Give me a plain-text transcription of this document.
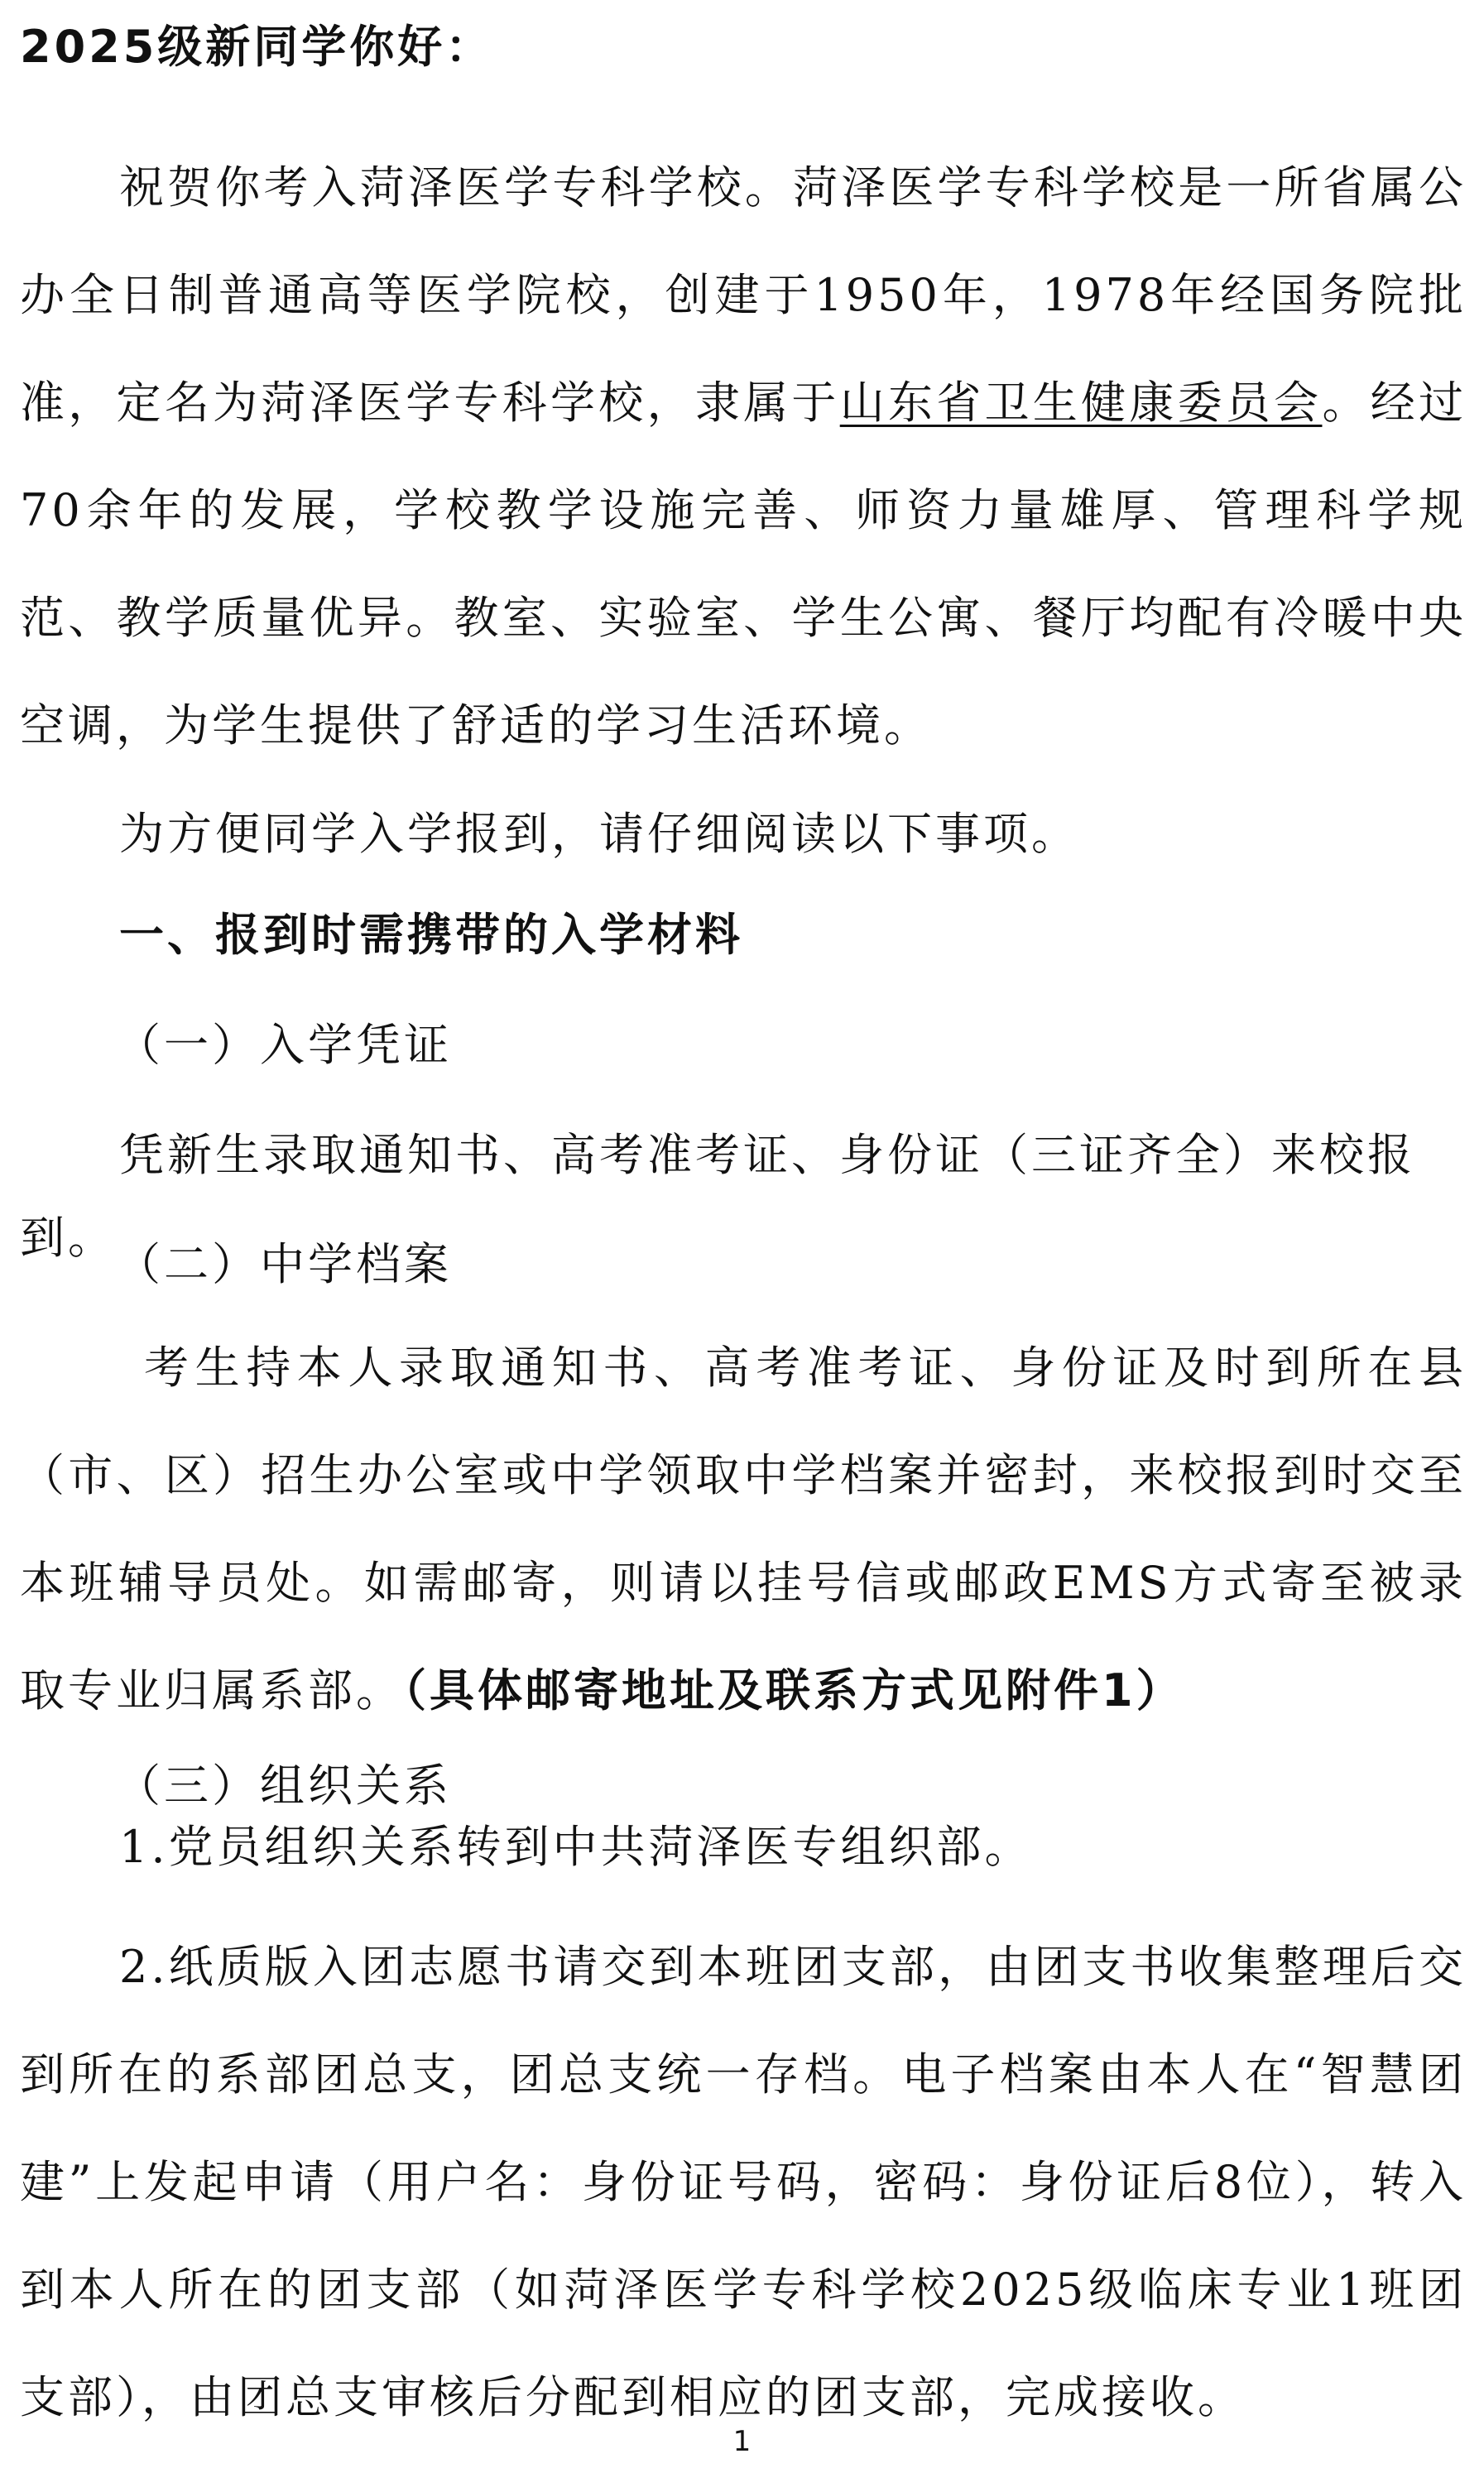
2025级新同学你好：

祝贺你考入菏泽医学专科学校。菏泽医学专科学校是一所省属公办全日制普通高等医学院校，创建于1950年，1978年经国务院批准，定名为菏泽医学专科学校，隶属于山东省卫生健康委员会。经过70余年的发展，学校教学设施完善、师资力量雄厚、管理科学规范、教学质量优异。教室、实验室、学生公寓、餐厅均配有冷暖中央空调，为学生提供了舒适的学习生活环境。

为方便同学入学报到，请仔细阅读以下事项。

一、报到时需携带的入学材料

（一）入学凭证

凭新生录取通知书、高考准考证、身份证（三证齐全）来校报到。

（二）中学档案

考生持本人录取通知书、高考准考证、身份证及时到所在县（市、区）招生办公室或中学领取中学档案并密封，来校报到时交至本班辅导员处。如需邮寄，则请以挂号信或邮政EMS方式寄至被录取专业归属系部。（具体邮寄地址及联系方式见附件1）

（三）组织关系

1.党员组织关系转到中共菏泽医专组织部。

2.纸质版入团志愿书请交到本班团支部，由团支书收集整理后交到所在的系部团总支，团总支统一存档。电子档案由本人在“智慧团建”上发起申请（用户名：身份证号码，密码：身份证后8位），转入到本人所在的团支部（如菏泽医学专科学校2025级临床专业1班团支部），由团总支审核后分配到相应的团支部，完成接收。

1
